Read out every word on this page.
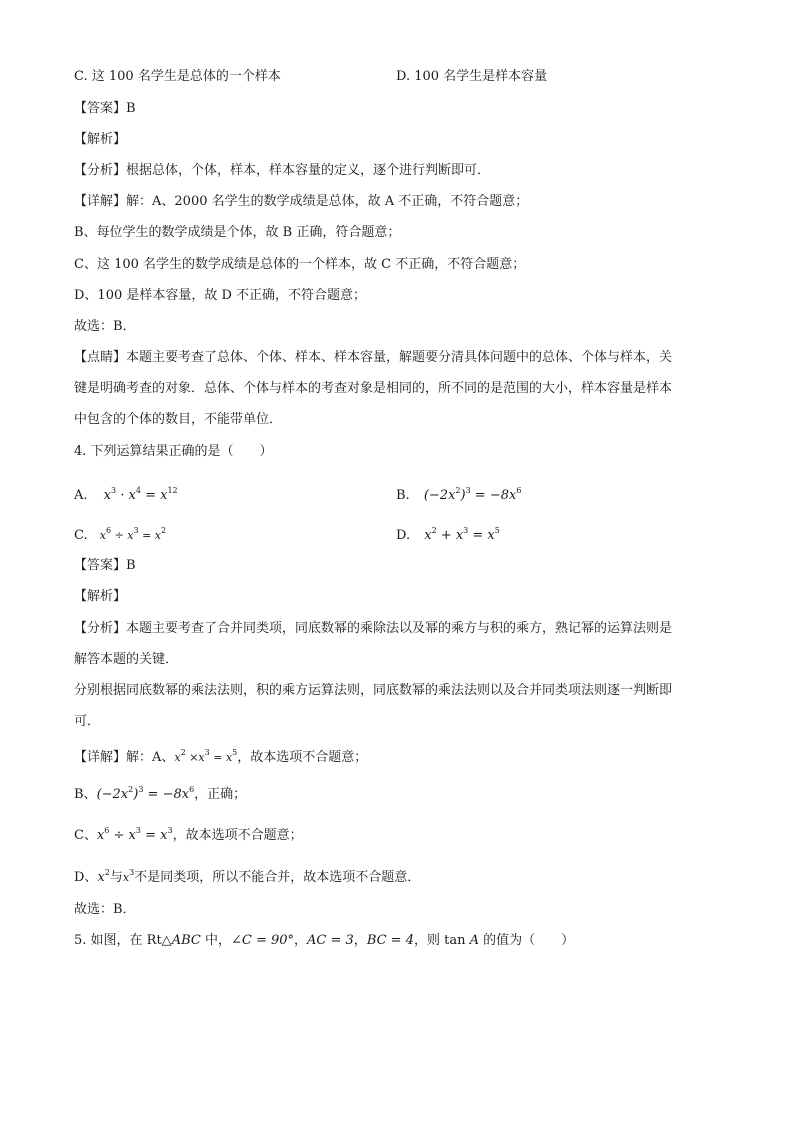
C. 这 100 名学生是总体的一个样本	D. 100 名学生是样本容量
【答案】B
【解析】
【分析】根据总体，个体，样本，样本容量的定义，逐个进行判断即可．
【详解】解：A、2000 名学生的数学成绩是总体，故 A 不正确，不符合题意；
B、每位学生的数学成绩是个体，故 B 正确，符合题意；
C、这 100 名学生的数学成绩是总体的一个样本，故 C 不正确，不符合题意；
D、100 是样本容量，故 D 不正确，不符合题意；
故选：B．
【点睛】本题主要考查了总体、个体、样本、样本容量，解题要分清具体问题中的总体、个体与样本，关
键是明确考查的对象．总体、个体与样本的考查对象是相同的，所不同的是范围的大小，样本容量是样本
中包含的个体的数目，不能带单位．
4. 下列运算结果正确的是（　　）
A. $x^3 \cdot x^4 = x^{12}$	B. $(-2x^2)^3 = -8x^6$
C. $x^6 \div x^3 = x^2$	D. $x^2 + x^3 = x^5$
【答案】B
【解析】
【分析】本题主要考查了合并同类项，同底数幂的乘除法以及幂的乘方与积的乘方，熟记幂的运算法则是
解答本题的关键．
分别根据同底数幂的乘法法则，积的乘方运算法则，同底数幂的乘法法则以及合并同类项法则逐一判断即
可．
【详解】解：A、$x^2 \times x^3 = x^5$，故本选项不合题意；
B、$(-2x^2)^3 = -8x^6$，正确；
C、$x^6 \div x^3 = x^3$，故本选项不合题意；
D、$x^2$与$x^3$不是同类项，所以不能合并，故本选项不合题意．
故选：B．
5. 如图，在 Rt△ABC 中，∠C = 90°，AC = 3，BC = 4，则 tan A 的值为（　　）
